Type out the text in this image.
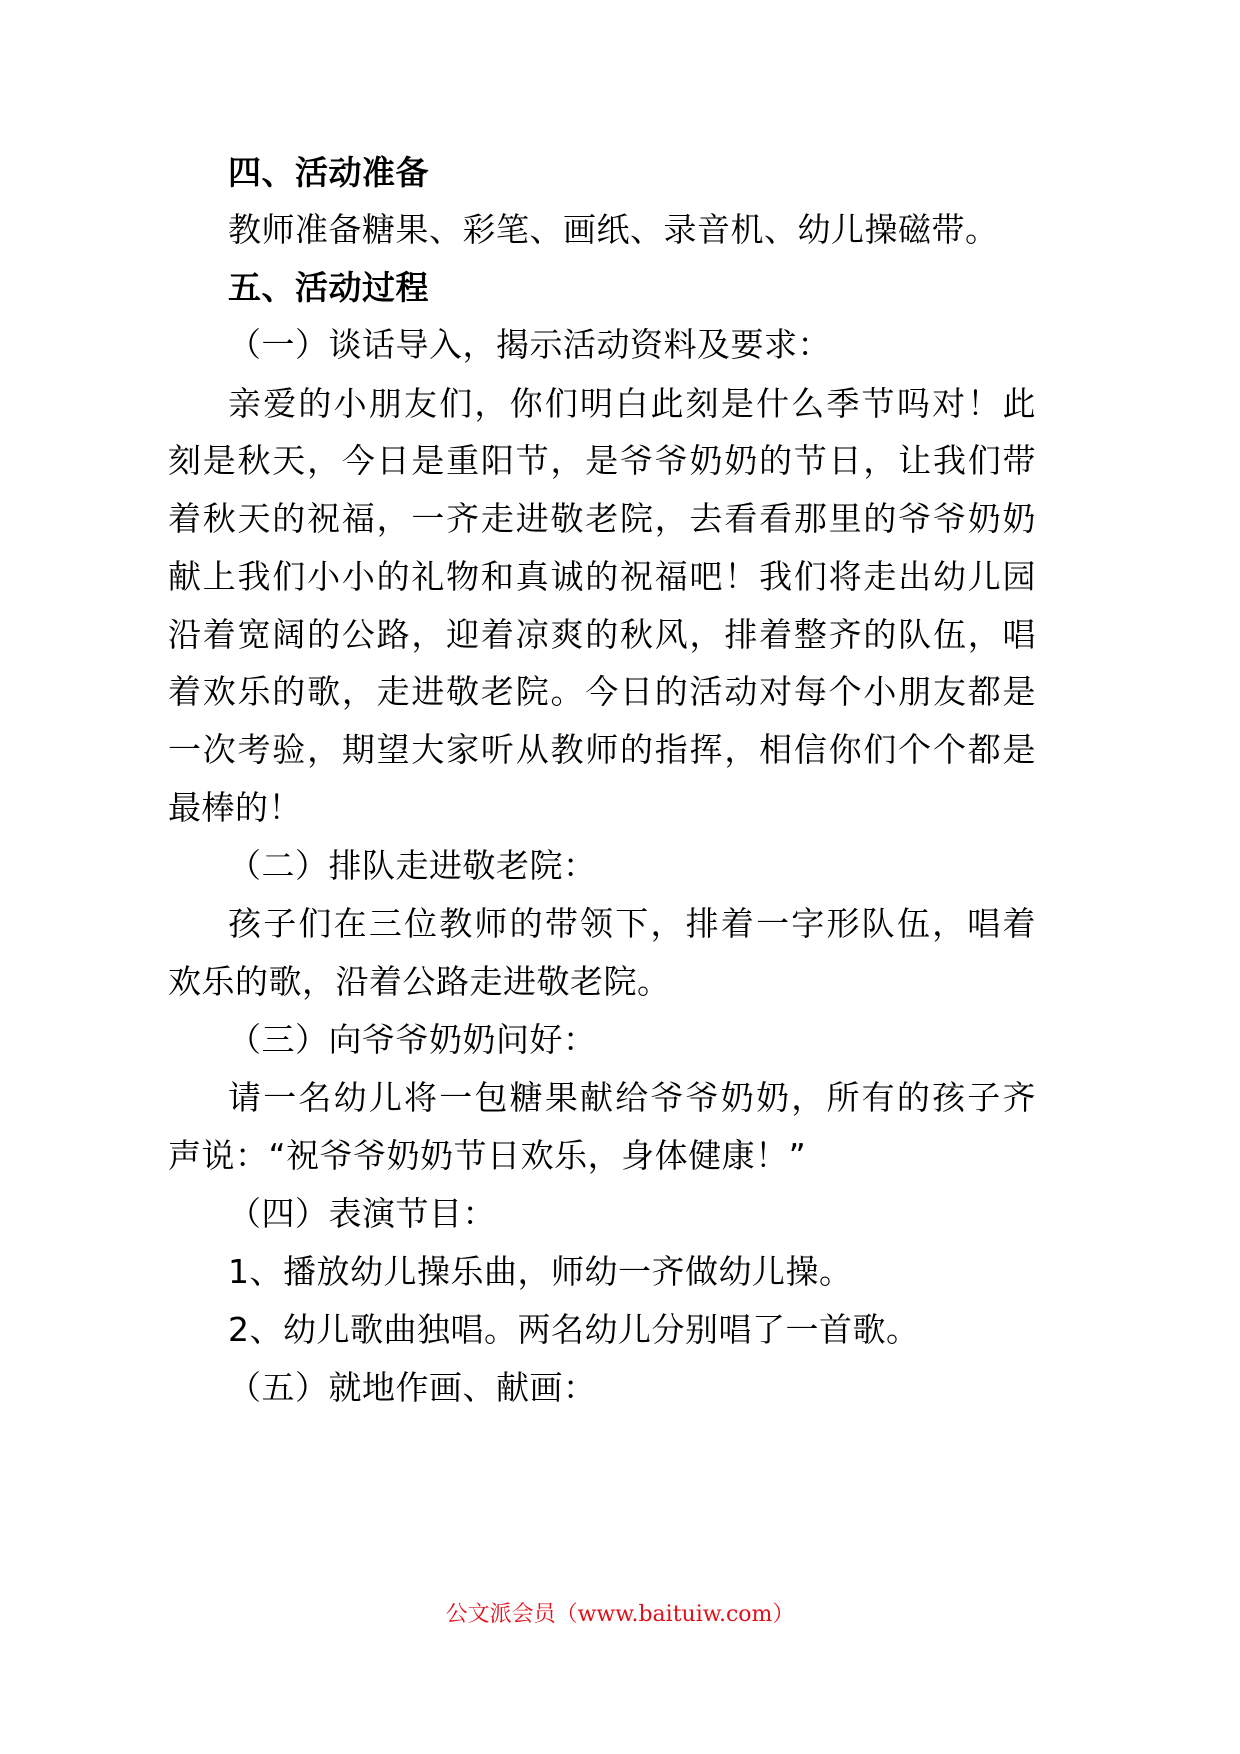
四、活动准备
教师准备糖果、彩笔、画纸、录音机、幼儿操磁带。
五、活动过程
（一）谈话导入，揭示活动资料及要求：
亲爱的小朋友们，你们明白此刻是什么季节吗对！此
刻是秋天，今日是重阳节，是爷爷奶奶的节日，让我们带
着秋天的祝福，一齐走进敬老院，去看看那里的爷爷奶奶
献上我们小小的礼物和真诚的祝福吧！我们将走出幼儿园
沿着宽阔的公路，迎着凉爽的秋风，排着整齐的队伍，唱
着欢乐的歌，走进敬老院。今日的活动对每个小朋友都是
一次考验，期望大家听从教师的指挥，相信你们个个都是
最棒的！
（二）排队走进敬老院：
孩子们在三位教师的带领下，排着一字形队伍，唱着
欢乐的歌，沿着公路走进敬老院。
（三）向爷爷奶奶问好：
请一名幼儿将一包糖果献给爷爷奶奶，所有的孩子齐
声说：“祝爷爷奶奶节日欢乐，身体健康！”
（四）表演节目：
1、播放幼儿操乐曲，师幼一齐做幼儿操。
2、幼儿歌曲独唱。两名幼儿分别唱了一首歌。
（五）就地作画、献画：
公文派会员（www.baituiw.com）
